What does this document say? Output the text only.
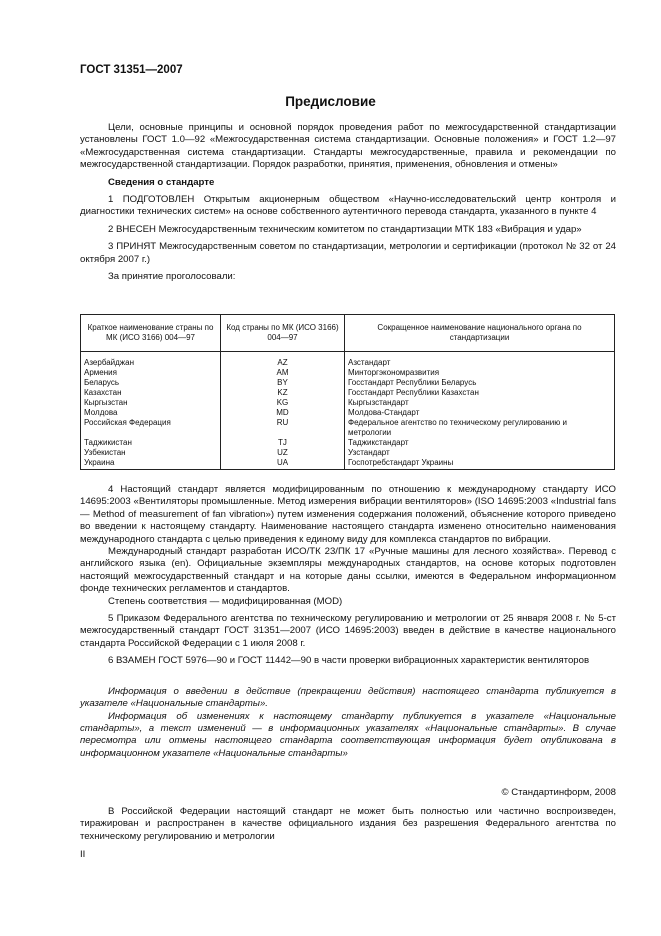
ГОСТ 31351—2007
Предисловие

Цели, основные принципы и основной порядок проведения работ по межгосударственной стандартизации установлены ГОСТ 1.0—92 «Межгосударственная система стандартизации. Основные положения» и ГОСТ 1.2—97 «Межгосударственная система стандартизации. Стандарты межгосударственные, правила и рекомендации по межгосударственной стандартизации. Порядок разработки, принятия, применения, обновления и отмены»

Сведения о стандарте

1 ПОДГОТОВЛЕН Открытым акционерным обществом «Научно-исследовательский центр контроля и диагностики технических систем» на основе собственного аутентичного перевода стандарта, указанного в пункте 4

2 ВНЕСЕН Межгосударственным техническим комитетом по стандартизации МТК 183 «Вибрация и удар»

3 ПРИНЯТ Межгосударственным советом по стандартизации, метрологии и сертификации (протокол № 32 от 24 октября 2007 г.)

За принятие проголосовали:

Краткое наименование страны по МК (ИСО 3166) 004—97	Код страны по МК (ИСО 3166) 004—97	Сокращенное наименование национального органа по стандартизации
Азербайджан	AZ	Азстандарт
Армения	AM	Минторгэкономразвития
Беларусь	BY	Госстандарт Республики Беларусь
Казахстан	KZ	Госстандарт Республики Казахстан
Кыргызстан	KG	Кыргызстандарт
Молдова	MD	Молдова-Стандарт
Российская Федерация	RU	Федеральное агентство по техническому регулированию и метрологии
Таджикистан	TJ	Таджикстандарт
Узбекистан	UZ	Узстандарт
Украина	UA	Госпотребстандарт Украины

4 Настоящий стандарт является модифицированным по отношению к международному стандарту ИСО 14695:2003 «Вентиляторы промышленные. Метод измерения вибрации вентиляторов» (ISO 14695:2003 «Industrial fans — Method of measurement of fan vibration») путем изменения содержания положений, объяснение которого приведено во введении к настоящему стандарту. Наименование настоящего стандарта изменено относительно наименования международного стандарта с целью приведения к единому виду для комплекса стандартов по вибрации.

Международный стандарт разработан ИСО/ТК 23/ПК 17 «Ручные машины для лесного хозяйства». Перевод с английского языка (en). Официальные экземпляры международных стандартов, на основе которых подготовлен настоящий межгосударственный стандарт и на которые даны ссылки, имеются в Федеральном информационном фонде технических регламентов и стандартов.

Степень соответствия — модифицированная (MOD)

5 Приказом Федерального агентства по техническому регулированию и метрологии от 25 января 2008 г. № 5-ст межгосударственный стандарт ГОСТ 31351—2007 (ИСО 14695:2003) введен в действие в качестве национального стандарта Российской Федерации с 1 июля 2008 г.

6 ВЗАМЕН ГОСТ 5976—90 и ГОСТ 11442—90 в части проверки вибрационных характеристик вентиляторов

Информация о введении в действие (прекращении действия) настоящего стандарта публикуется в указателе «Национальные стандарты».

Информация об изменениях к настоящему стандарту публикуется в указателе «Национальные стандарты», а текст изменений — в информационных указателях «Национальные стандарты». В случае пересмотра или отмены настоящего стандарта соответствующая информация будет опубликована в информационном указателе «Национальные стандарты»

© Стандартинформ, 2008

В Российской Федерации настоящий стандарт не может быть полностью или частично воспроизведен, тиражирован и распространен в качестве официального издания без разрешения Федерального агентства по техническому регулированию и метрологии

II
